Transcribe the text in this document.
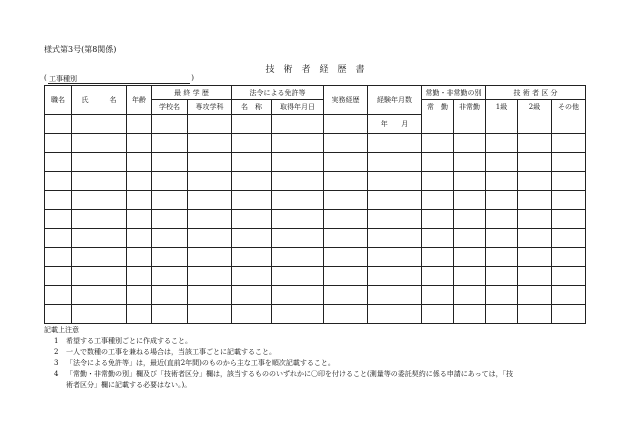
様式第3号(第8関係)
技　術　者　経　歴　書
( 工事種別	)
職名	氏　　　名	年齢	最 終 学 歴		法令による免許等		実務経歴	経験年月数	常勤・非常勤の別		技 術 者 区 分		
			学校名	専攻学科	名　称	取得年月日			常　勤	非常勤	1級	2級	その他

								年 月					

記載上注意
1 希望する工事種別ごとに作成すること。
2 一人で数種の工事を兼ねる場合は，当該工事ごとに記載すること。
3 「法令による免許等」は，最近(直前2年間)のものから主な工事を順次記載すること。
4 「常勤・非常勤の別」欄及び「技術者区分」欄は，該当するもののいずれかに〇印を付けること(測量等の委託契約に係る申請にあっては，「技
術者区分」欄に記載する必要はない。)。
